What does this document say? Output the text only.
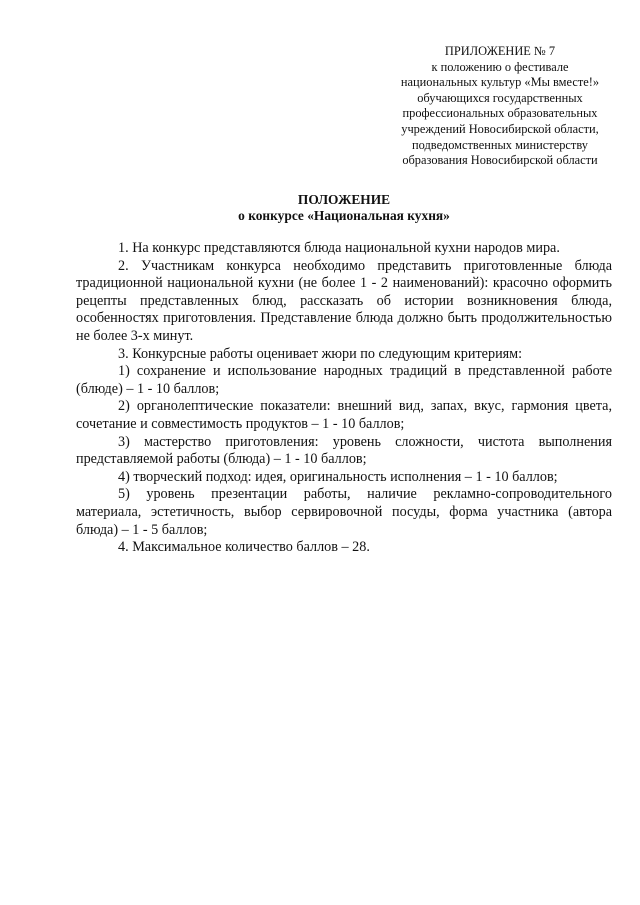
ПРИЛОЖЕНИЕ № 7
к положению о фестивале
национальных культур «Мы вместе!»
обучающихся государственных
профессиональных образовательных
учреждений Новосибирской области,
подведомственных министерству
образования Новосибирской области
ПОЛОЖЕНИЕ
о конкурсе «Национальная кухня»

1. На конкурс представляются блюда национальной кухни народов мира.

2. Участникам конкурса необходимо представить приготовленные блюда традиционной национальной кухни (не более 1 - 2 наименований): красочно оформить рецепты представленных блюд, рассказать об истории возникновения блюда, особенностях приготовления. Представление блюда должно быть продолжительностью не более 3-х минут.

3. Конкурсные работы оценивает жюри по следующим критериям:

1) сохранение и использование народных традиций в представленной работе (блюде) – 1 - 10 баллов;

2) органолептические показатели: внешний вид, запах, вкус, гармония цвета, сочетание и совместимость продуктов – 1 - 10 баллов;

3) мастерство приготовления: уровень сложности, чистота выполнения представляемой работы (блюда) – 1 - 10 баллов;

4) творческий подход: идея, оригинальность исполнения – 1 - 10 баллов;

5) уровень презентации работы, наличие рекламно-сопроводительного материала, эстетичность, выбор сервировочной посуды, форма участника (автора блюда) – 1 - 5 баллов;

4. Максимальное количество баллов – 28.
